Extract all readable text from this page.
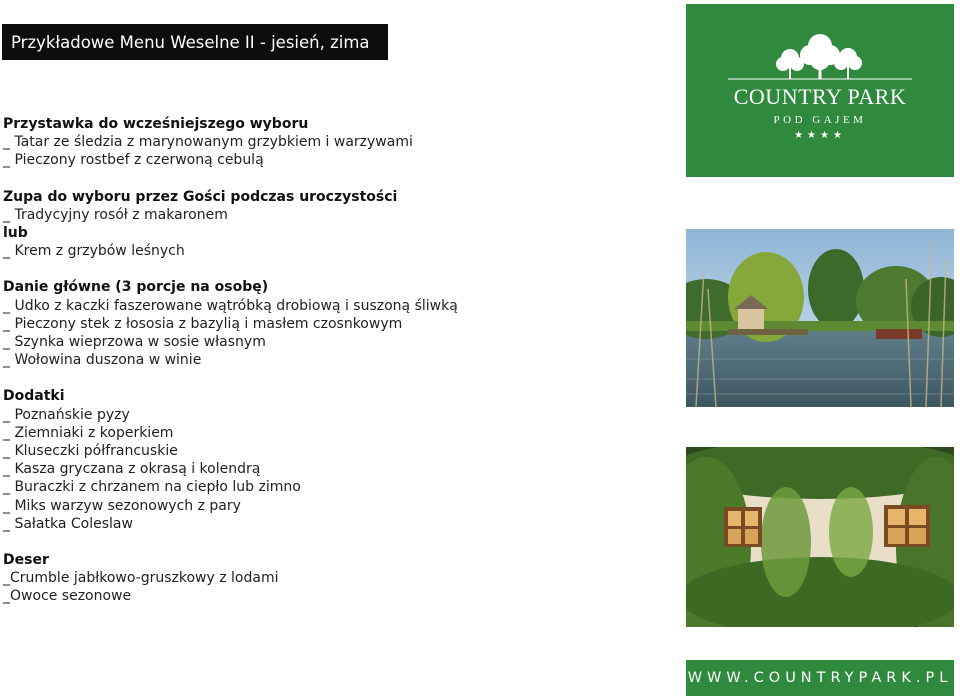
Przykładowe Menu Weselne II - jesień, zima
Przystawka do wcześniejszego wyboru
_ Tatar ze śledzia z marynowanym grzybkiem i warzywami
_ Pieczony rostbef z czerwoną cebulą
Zupa do wyboru przez Gości podczas uroczystości
_ Tradycyjny rosół z makaronem
lub
_ Krem z grzybów leśnych
Danie główne (3 porcje na osobę)
_ Udko z kaczki faszerowane wątróbką drobiową i suszoną śliwką
_ Pieczony stek z łososia z bazylią i masłem czosnkowym
_ Szynka wieprzowa w sosie własnym
_ Wołowina duszona w winie
Dodatki
_ Poznańskie pyzy
_ Ziemniaki z koperkiem
_ Kluseczki półfrancuskie
_ Kasza gryczana z okrasą i kolendrą
_ Buraczki z chrzanem na ciepło lub zimno
_ Miks warzyw sezonowych z pary
_ Sałatka Coleslaw
Deser
_Crumble jabłkowo-gruszkowy z lodami
_Owoce sezonowe
COUNTRY PARK
POD GAJEM
★★★★
WWW.COUNTRYPARK.PL
